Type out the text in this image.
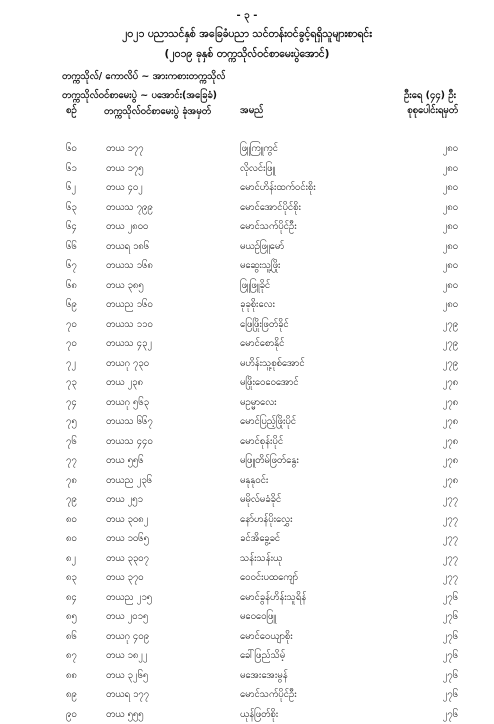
- ၃ -
၂၀၂၁ ပညာသင်နှစ် အခြေခံပညာ သင်တန်းဝင်ခွင့်ရရှိသူများစာရင်း
(၂၀၁၉ ခုနှစ် တက္ကသိုလ်ဝင်စာမေးပွဲအောင်)
တက္ကသိုလ်/ ကောလိပ် ~ အားကစားတက္ကသိုလ်
တက္ကသိုလ်ဝင်စာမေးပွဲ ~ ပအောင်း(အခြေခံ)	ဦးရေ (၄၄) ဦး
စဉ်	တက္ကသိုလ်ဝင်စာမေးပွဲ ခုံအမှတ်	အမည်	စုစုပေါင်းရမှတ်
၆၀	တယ ၁၇၇	ဖြူကြူကွင်	၂၈၀
၆၁	တယ ၁၇၅	လိုလင်းဖြူ	၂၈၀
၆၂	တယ ၄၀၂	မောင်ဟိန်းထက်ဝင်းစိုး	၂၈၀
၆၃	တယသ ၇၉၉	မောင်အောင်ပိုင်စိုး	၂၈၀
၆၄	တယ ၂၈၀၀	မောင်သက်ပိုင်ဦး	၂၈၀
၆၆	တယရ ၁၈၆	မယဉ်ဖြူမော်	၂၈၀
၆၇	တယသ ၁၆၈	မဆွေးသူ့ဖြိုး	၂၈၀
၆၈	တယ ၃၈၅	ဖြူဖြူခိုင်	၂၈၀
၆၉	တယည ၁၆၀	ခုခုစိုးလေး	၂၈၀
၇၀	တယသ ၁၁၀	ဖြေဖြိုးဖြတ်ခိုင်	၂၇၉
၇၀	တယသ ၄၃၂	မောင်စောနိုင်	၂၇၉
၇၂	တယဂု ၇၃၀	မဟိန်းသူ့စုစ်အောင်	၂၇၉
၇၃	တယ ၂၃၈	မဖြိုးဝေဝေအောင်	၂၇၈
၇၄	တယဂု ၅၆၃	မဥမ္မာလေး	၂၇၈
၇၅	တယသ ၆၆၇	မောင်ပြည့်ဖြိုးပိုင်	၂၇၈
၇၆	တယသ ၄၄၀	မောင်စုန်းပိုင်	၂၇၈
၇၇	တယ ၅၅၆	မဖြူတိမ်ဖြတ်နွေး	၂၇၈
၇၈	တယည ၂၃၆	မနုနုဝင်း	၂၇၈
၇၉	တယ ၂၅၁	မမိုလ်မခံခိုင်	၂၇၇
၈၀	တယ ၃၀၈၂	နော်ဟန်ပိုးလွှေး	၂၇၇
၈၀	တယ ၁၀၆၅	ခင်အိခွေ့ခင်	၂၇၇
၈၂	တယ ၃၃၀၇	သန်းသန်းယု	၂၇၇
၈၃	တယ ၃၇၀	ဝေဝင်းပထကျော်	၂၇၇
၈၄	တယည ၂၁၅	မောင်ခွန်ဟိန်းသူရိန်	၂၇၆
၈၅	တယ ၂၀၁၅	မဝေဝေဖြူ	၂၇၆
၈၆	တယဂု ၄၀၉	မောင်ဝေယျာစိုး	၂၇၆
၈၇	တယ ၁၈၂၂	ခေါ်ဖြည်သိမ့်	၂၇၆
၈၈	တယ ၃၂၆၅	မအေးအေးမွန်	၂၇၆
၈၉	တယရ ၁၇၇	မောင်သက်ပိုင်ဦး	၂၇၆
၉၀	တယ ၅၅၅	ယုန်ဖြတ်စိုး	၂၇၆
